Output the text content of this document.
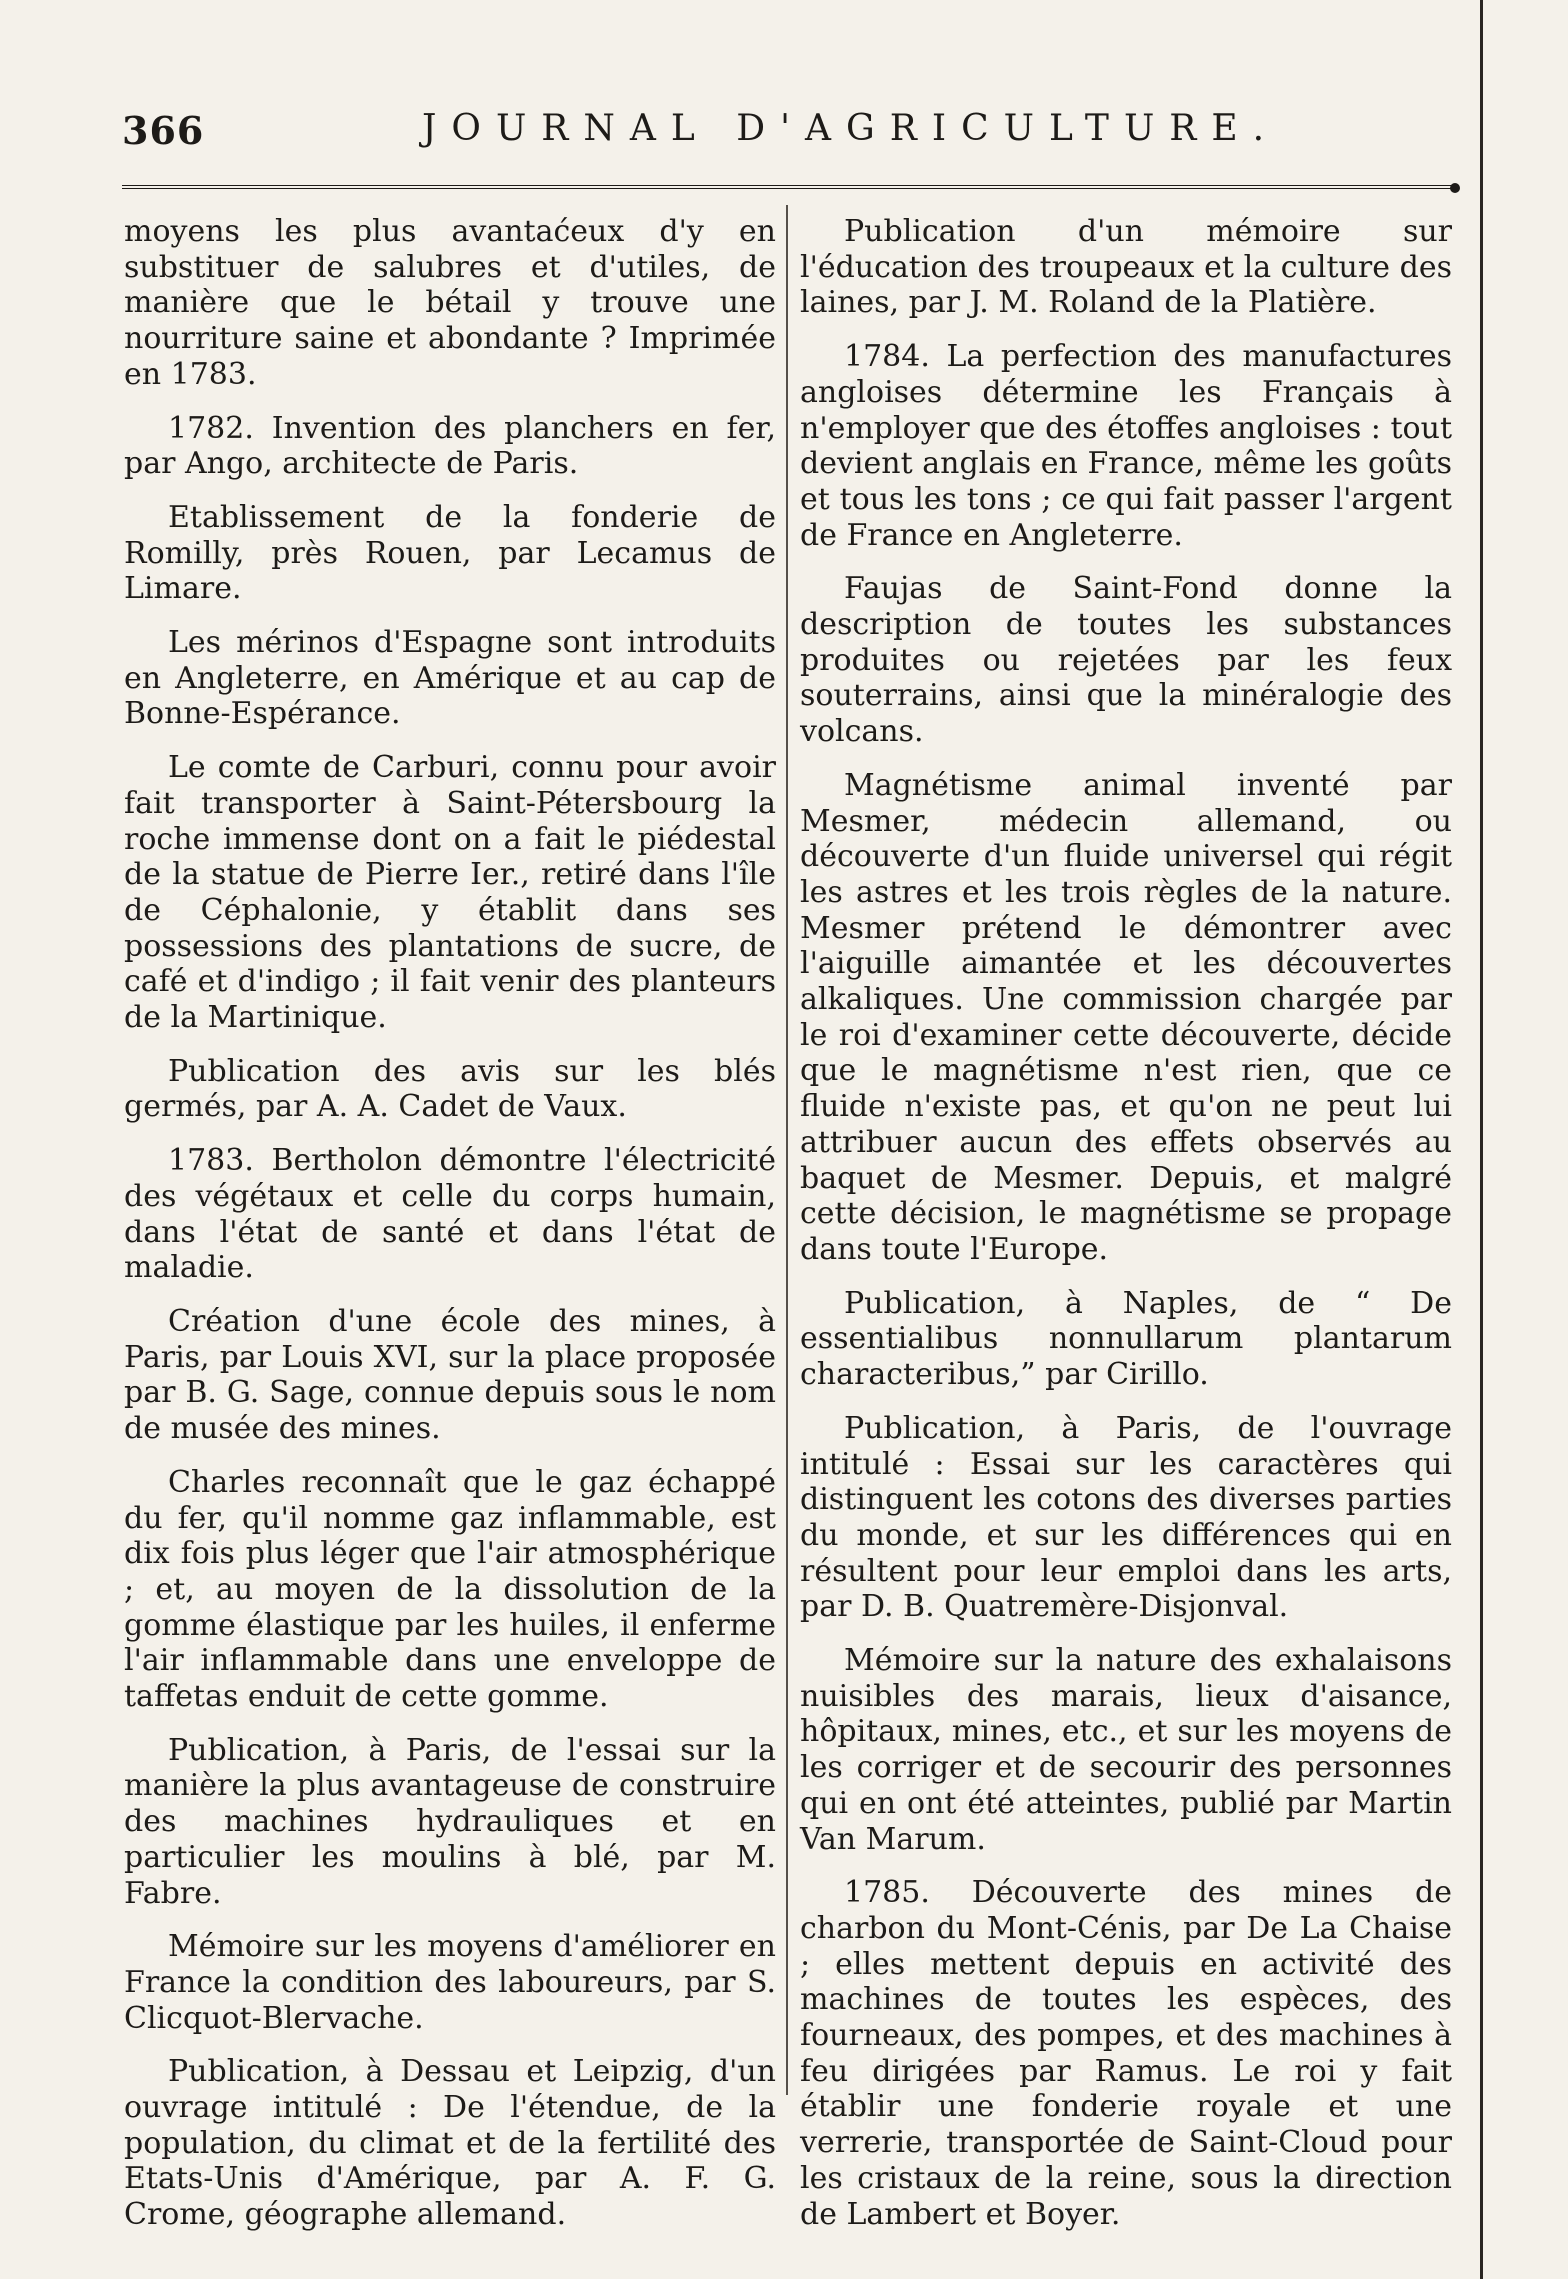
366	JOURNAL D'AGRICULTURE.

moyens les plus avantaćeux d'y en substituer de salubres et d'utiles, de manière que le bétail y trouve une nourriture saine et abondante ? Imprimée en 1783.

1782. Invention des planchers en fer, par Ango, architecte de Paris.

Etablissement de la fonderie de Romilly, près Rouen, par Lecamus de Limare.

Les mérinos d'Espagne sont introduits en Angleterre, en Amérique et au cap de Bonne-Espérance.

Le comte de Carburi, connu pour avoir fait transporter à Saint-Pétersbourg la roche immense dont on a fait le piédestal de la statue de Pierre Ier., retiré dans l'île de Céphalonie, y établit dans ses possessions des plantations de sucre, de café et d'indigo ; il fait venir des planteurs de la Martinique.

Publication des avis sur les blés germés, par A. A. Cadet de Vaux.

1783. Bertholon démontre l'électricité des végétaux et celle du corps humain, dans l'état de santé et dans l'état de maladie.

Création d'une école des mines, à Paris, par Louis XVI, sur la place proposée par B. G. Sage, connue depuis sous le nom de musée des mines.

Charles reconnaît que le gaz échappé du fer, qu'il nomme gaz inflammable, est dix fois plus léger que l'air atmosphérique ; et, au moyen de la dissolution de la gomme élastique par les huiles, il enferme l'air inflammable dans une enveloppe de taffetas enduit de cette gomme.

Publication, à Paris, de l'essai sur la manière la plus avantageuse de construire des machines hydrauliques et en particulier les moulins à blé, par M. Fabre.

Mémoire sur les moyens d'améliorer en France la condition des laboureurs, par S. Clicquot-Blervache.

Publication, à Dessau et Leipzig, d'un ouvrage intitulé : De l'étendue, de la population, du climat et de la fertilité des Etats-Unis d'Amérique, par A. F. G. Crome, géographe allemand.

Publication d'un mémoire sur l'éducation des troupeaux et la culture des laines, par J. M. Roland de la Platière.

1784. La perfection des manufactures angloises détermine les Français à n'employer que des étoffes angloises : tout devient anglais en France, même les goûts et tous les tons ; ce qui fait passer l'argent de France en Angleterre.

Faujas de Saint-Fond donne la description de toutes les substances produites ou rejetées par les feux souterrains, ainsi que la minéralogie des volcans.

Magnétisme animal inventé par Mesmer, médecin allemand, ou découverte d'un fluide universel qui régit les astres et les trois règles de la nature. Mesmer prétend le démontrer avec l'aiguille aimantée et les découvertes alkaliques. Une commission chargée par le roi d'examiner cette découverte, décide que le magnétisme n'est rien, que ce fluide n'existe pas, et qu'on ne peut lui attribuer aucun des effets observés au baquet de Mesmer. Depuis, et malgré cette décision, le magnétisme se propage dans toute l'Europe.

Publication, à Naples, de “ De essentialibus nonnullarum plantarum characteribus,” par Cirillo.

Publication, à Paris, de l'ouvrage intitulé : Essai sur les caractères qui distinguent les cotons des diverses parties du monde, et sur les différences qui en résultent pour leur emploi dans les arts, par D. B. Quatremère-Disjonval.

Mémoire sur la nature des exhalaisons nuisibles des marais, lieux d'aisance, hôpitaux, mines, etc., et sur les moyens de les corriger et de secourir des personnes qui en ont été atteintes, publié par Martin Van Marum.

1785. Découverte des mines de charbon du Mont-Cénis, par De La Chaise ; elles mettent depuis en activité des machines de toutes les espèces, des fourneaux, des pompes, et des machines à feu dirigées par Ramus. Le roi y fait établir une fonderie royale et une verrerie, transportée de Saint-Cloud pour les cristaux de la reine, sous la direction de Lambert et Boyer.
